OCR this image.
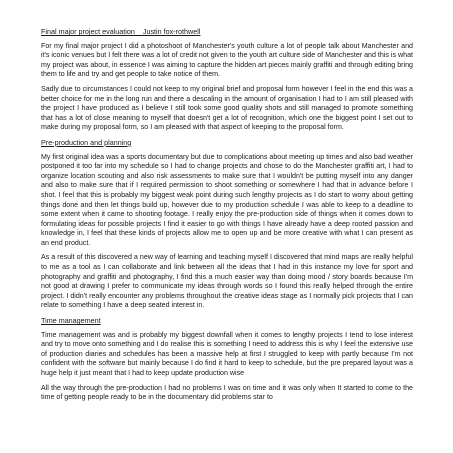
Final major project evaluation    Justin fox-rothwell

For my final major project I did a photoshoot of Manchester's youth culture a lot of people talk about Manchester and it's iconic venues but I felt there was a lot of credit not given to the youth art culture side of Manchester and this is what my project was about, in essence I was aiming to capture the hidden art pieces mainly graffiti and through editing bring them to life and try and get people to take notice of them.

Sadly due to circumstances I could not keep to my original brief and proposal form however I feel in the end this was a better choice for me in the long run and there a descaling in the amount of organisation I had to I am still pleased with the project I have produced as I believe I still took some good quality shots and still managed to promote something that has a lot of close meaning to myself that doesn't get a lot of recognition, which one the biggest point I set out to make during my proposal form, so I am pleased with that aspect of keeping to the proposal form.

Pre-production and planning

My first original idea was a sports documentary but due to complications about meeting up times and also bad weather postponed it too far into my schedule so I had to change projects and chose to do the Manchester graffiti art, I had to organize location scouting and also risk assessments to make sure that I wouldn't be putting myself into any danger and also to make sure that if I required permission to shoot something or somewhere I had that in advance before I shot. I feel that this is probably my biggest weak point during such lengthy projects as I do start to worry about getting things done and then let things build up, however due to my production schedule I was able to keep to a deadline to some extent when it came to shooting footage. I really enjoy the pre-production side of things when it comes down to formulating ideas for possible projects I find it easier to go with things I have already have a deep rooted passion and knowledge in, I feel that these kinds of projects allow me to open up and be more creative with what I can present as an end product.

As a result of this discovered a new way of learning and teaching myself I discovered that mind maps are really helpful to me as a tool as I can collaborate and link between all the ideas that I had in this instance my love for sport and photography and graffiti and photography, I find this a much easier way than doing mood / story boards because I'm not good at drawing I prefer to communicate my ideas through words so I found this really helped through the entire project. I didn't really encounter any problems throughout the creative ideas stage as I normally pick projects that I can relate to something I have a deep seated interest in.

Time management

Time management was and is probably my biggest downfall when it comes to lengthy projects I tend to lose interest and try to move onto something and I do realise this is something I need to address this is why I feel the extensive use of production diaries and schedules has been a massive help at first I struggled to keep with partly because I'm not confident with the software but mainly because I do find it hard to keep to schedule, but the pre prepared layout was a huge help it just meant that I had to keep update production wise

All the way through the pre-production I had no problems I was on time and it was only when It started to come to the time of getting people ready to be in the documentary did problems star to
